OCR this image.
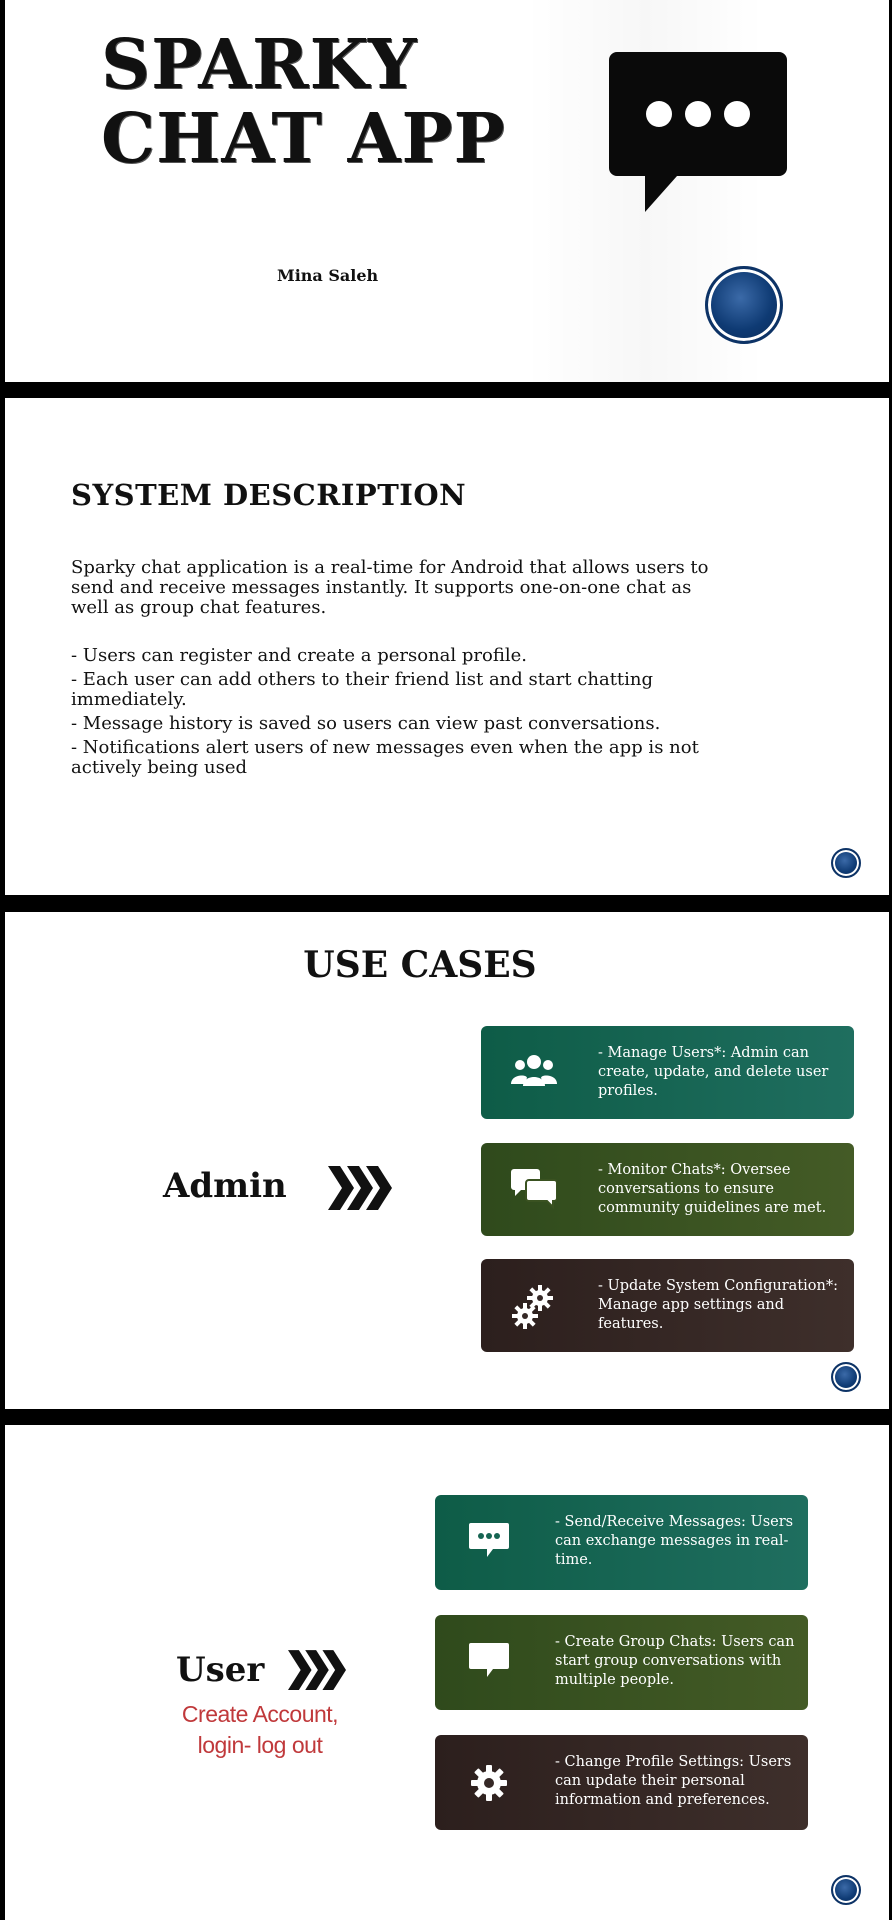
SPARKY
CHAT APP
Mina Saleh
SYSTEM DESCRIPTION

Sparky chat application is a real-time for Android that allows users to send and receive messages instantly. It supports one-on-one chat as well as group chat features.

- Users can register and create a personal profile.
- Each user can add others to their friend list and start chatting immediately.
- Message history is saved so users can view past conversations.
- Notifications alert users of new messages even when the app is not actively being used
USE CASES
Admin

- Manage Users*: Admin can create, update, and delete user profiles.

- Monitor Chats*: Oversee conversations to ensure community guidelines are met.

- Update System Configuration*: Manage app settings and features.

User

Create Account,
login- log out

- Send/Receive Messages: Users can exchange messages in real-time.

- Create Group Chats: Users can start group conversations with multiple people.

- Change Profile Settings: Users can update their personal information and preferences.
